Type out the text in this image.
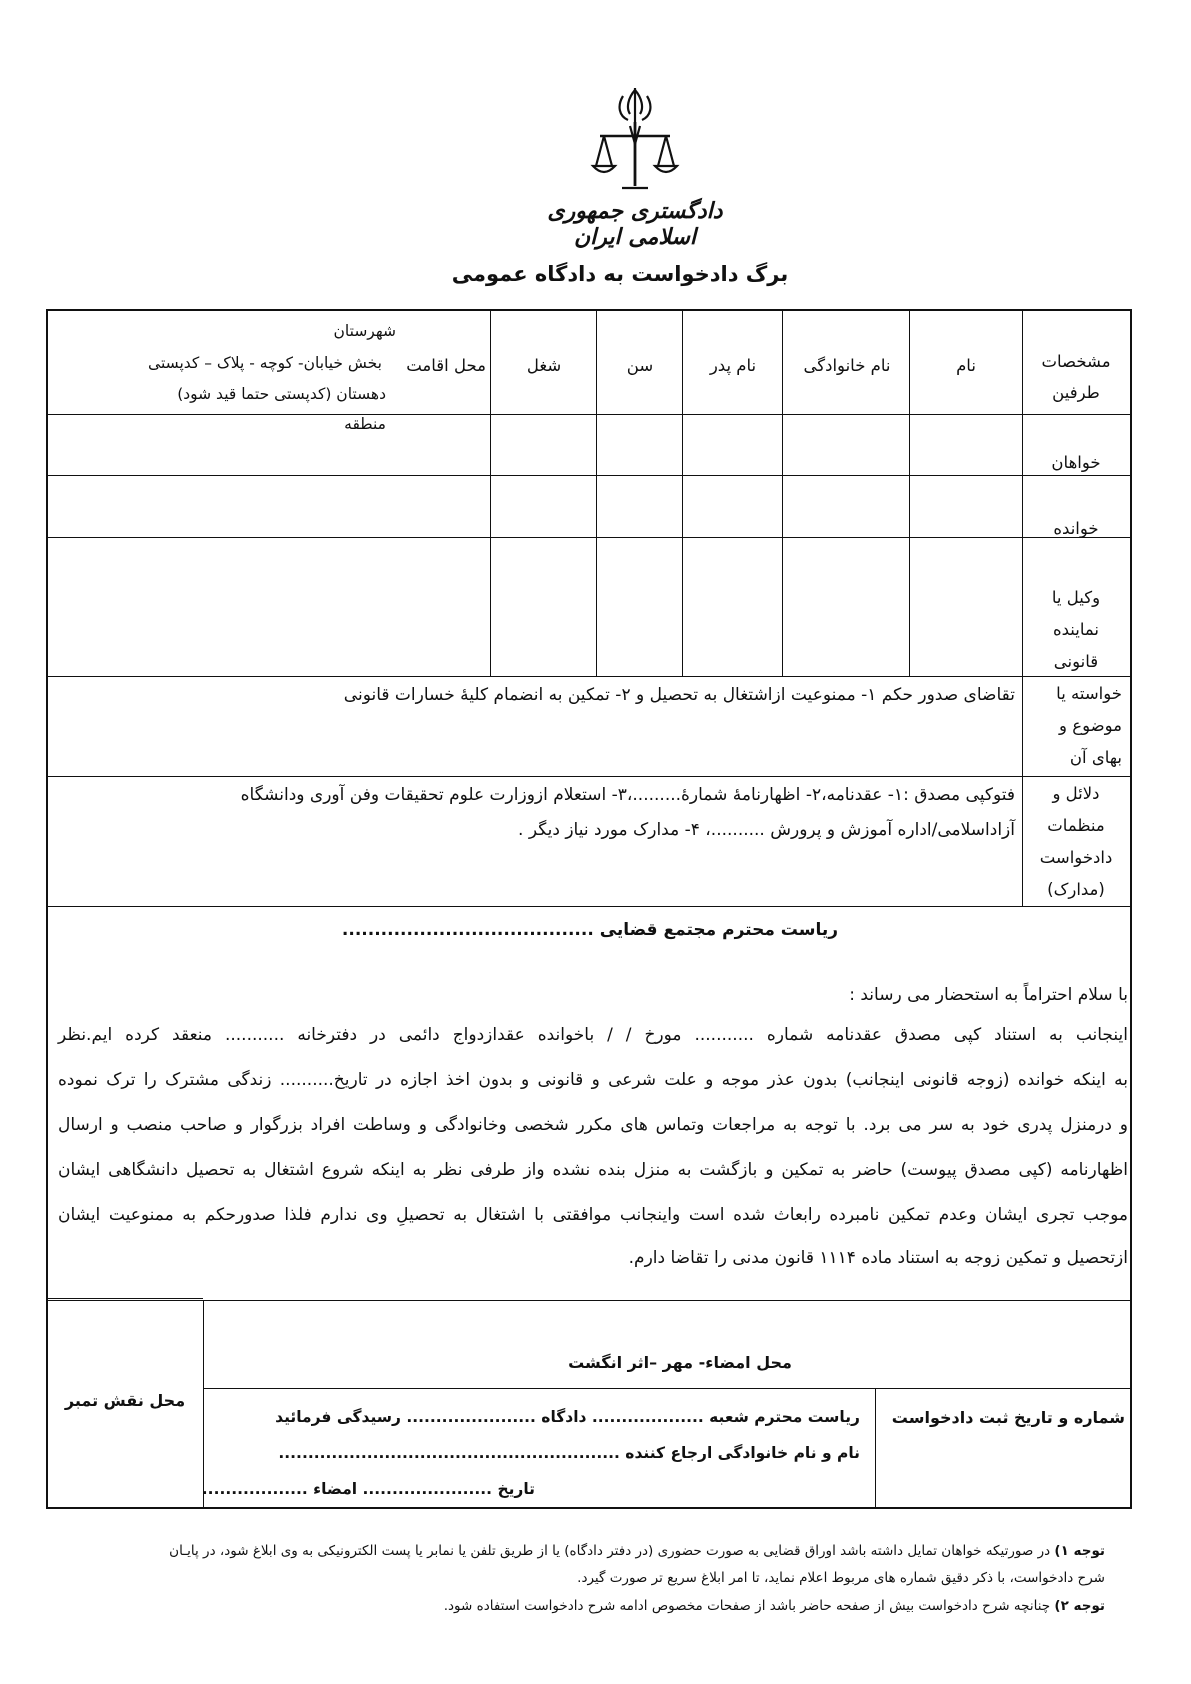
دادگستری جمهوری اسلامی ایران
برگ دادخواست به دادگاه عمومی
مشخصات
طرفین
نام
نام خانوادگی
نام پدر
سن
شغل
محل اقامت
شهرستان
بخش خیابان- کوچه - پلاک – کدپستی
دهستان (کدپستی حتما قید شود)
منطقه
خواهان
خوانده
وکیل یا
نماینده
قانونی
خواسته یا
موضوع و
بهای آن
تقاضای صدور حکم ۱- ممنوعیت ازاشتغال به تحصیل و ۲- تمکین به انضمام کلیهٔ خسارات قانونی
دلائل و
منظمات
دادخواست
(مدارک)
فتوکپی مصدق :۱- عقدنامه،۲- اظهارنامهٔ شمارهٔ.........،۳- استعلام ازوزارت علوم تحقیقات وفن آوری ودانشگاه
آزاداسلامی/اداره آموزش و پرورش ..........، ۴- مدارک مورد نیاز دیگر .
ریاست محترم مجتمع قضایی .......................................
با سلام احتراماً به استحضار می رساند :
اینجانب به استناد کپی مصدق عقدنامه شماره ........... مورخ / / باخوانده عقدازدواج دائمی در دفترخانه ........... منعقد کرده ایم.نظر
به اینکه خوانده (زوجه قانونی اینجانب) بدون عذر موجه و علت شرعی و قانونی و بدون اخذ اجازه در تاریخ.......... زندگی مشترک را ترک نموده
و درمنزل پدری خود به سر می برد. با توجه به مراجعات وتماس های مکرر شخصی وخانوادگی و وساطت افراد بزرگوار و صاحب منصب و ارسال
اظهارنامه (کپی مصدق پیوست) حاضر به تمکین و بازگشت به منزل بنده نشده واز طرفی نظر به اینکه شروع اشتغال به تحصیل دانشگاهی ایشان
موجب تجری ایشان وعدم تمکین نامبرده رابعاث شده است واینجانب موافقتی با اشتغال به تحصیلِ وی ندارم فلذا صدورحکم به ممنوعیت ایشان
ازتحصیل و تمکین زوجه به استناد ماده ۱۱۱۴ قانون مدنی را تقاضا دارم.
محل امضاء- مهر –اثر انگشت
محل نقش تمبر
شماره و تاریخ ثبت دادخواست
ریاست محترم شعبه ................... دادگاه ...................... رسیدگی فرمائید
نام و نام خانوادگی ارجاع کننده ..........................................................
تاریخ ...................... امضاء ..................
توجه ۱) در صورتیکه خواهان تمایل داشته باشد اوراق قضایی به صورت حضوری (در دفتر دادگاه) یا از طریق تلفن یا نمابر یا پست الکترونیکی به وی ابلاغ شود، در پایـان
شرح دادخواست، با ذکر دقیق شماره های مربوط اعلام نماید، تا امر ابلاغ سریع تر صورت گیرد.
توجه ۲) چنانچه شرح دادخواست بیش از صفحه حاضر باشد از صفحات مخصوص ادامه شرح دادخواست استفاده شود.
